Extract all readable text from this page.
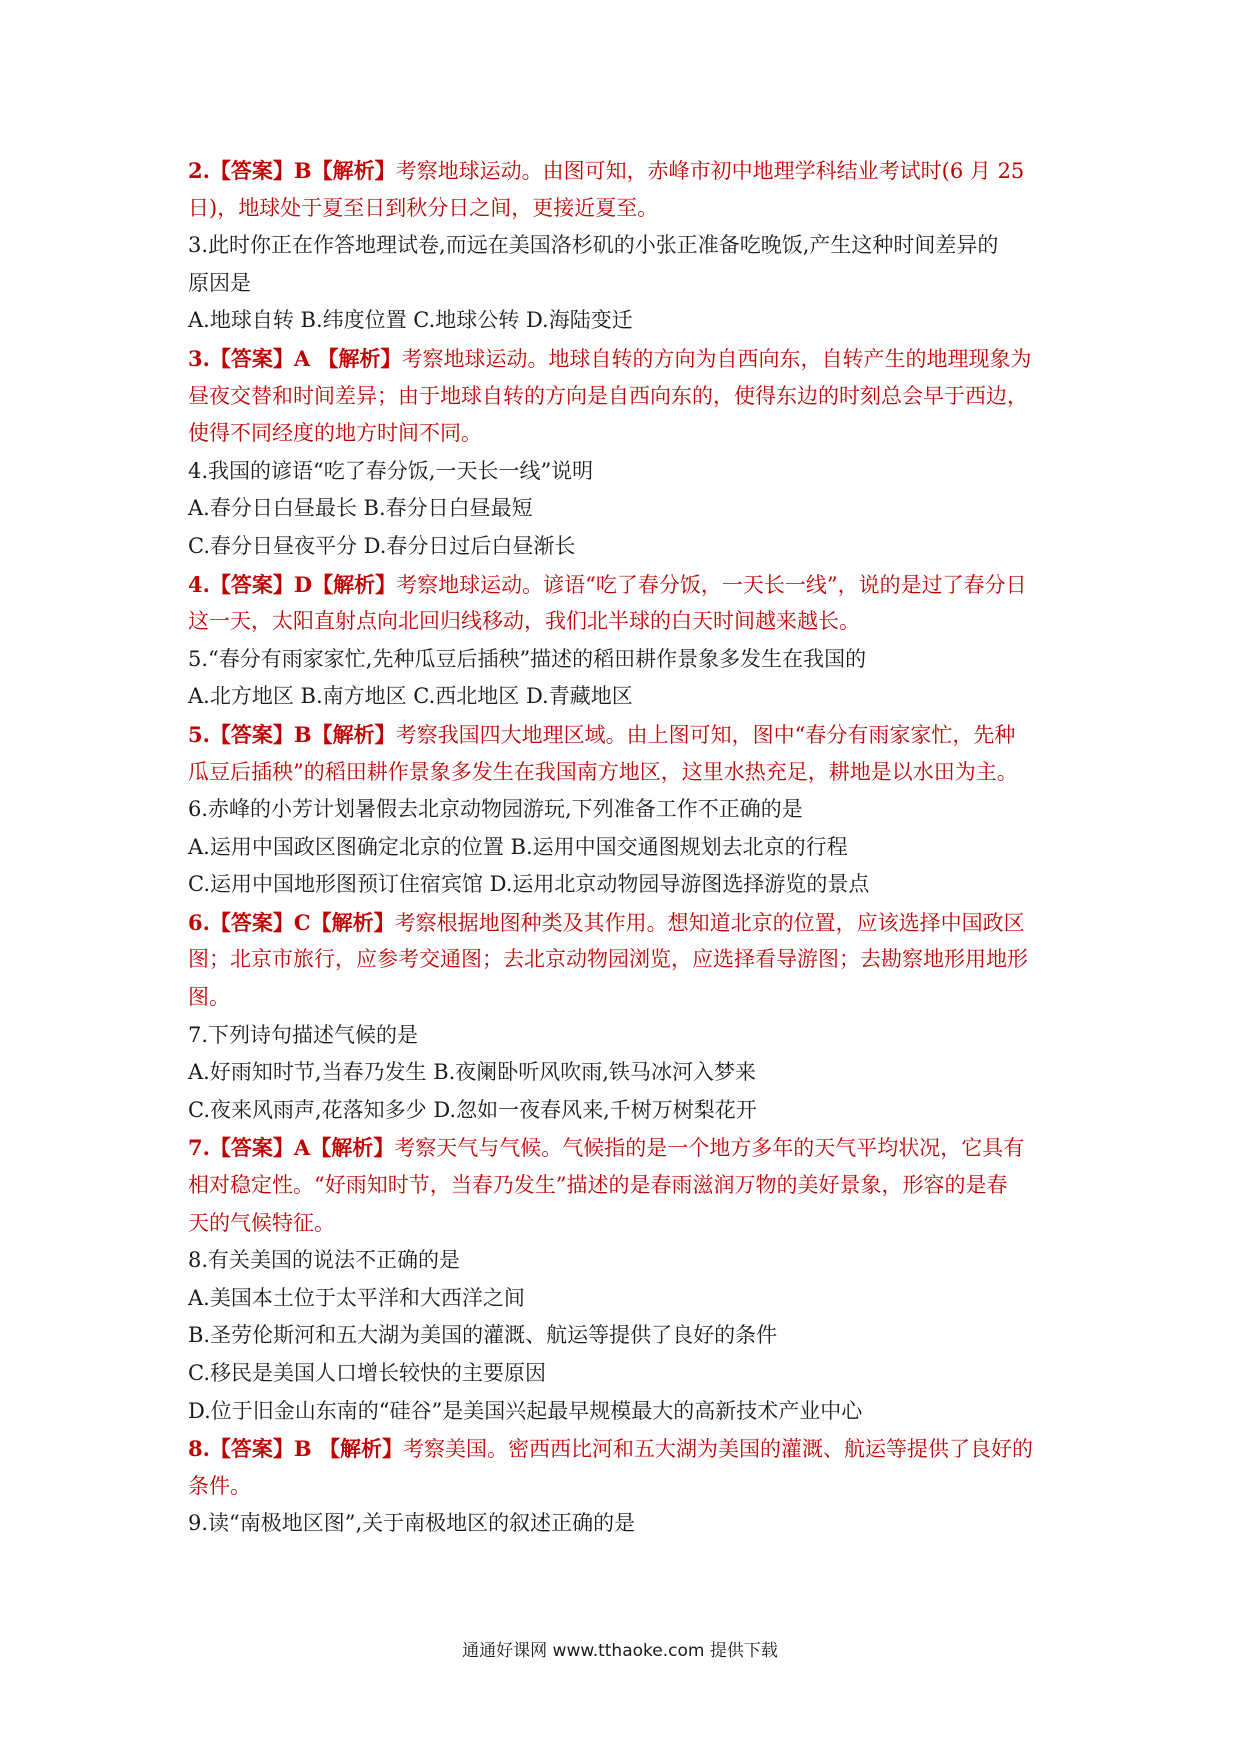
2.【答案】B【解析】考察地球运动。由图可知，赤峰市初中地理学科结业考试时(6 月 25
日)，地球处于夏至日到秋分日之间，更接近夏至。
3.此时你正在作答地理试卷,而远在美国洛杉矶的小张正准备吃晚饭,产生这种时间差异的
原因是
A.地球自转 B.纬度位置 C.地球公转 D.海陆变迁
3.【答案】A 【解析】考察地球运动。地球自转的方向为自西向东，自转产生的地理现象为
昼夜交替和时间差异；由于地球自转的方向是自西向东的，使得东边的时刻总会早于西边，
使得不同经度的地方时间不同。
4.我国的谚语“吃了春分饭,一天长一线”说明
A.春分日白昼最长 B.春分日白昼最短
C.春分日昼夜平分 D.春分日过后白昼渐长
4.【答案】D【解析】考察地球运动。谚语“吃了春分饭，一天长一线”，说的是过了春分日
这一天，太阳直射点向北回归线移动，我们北半球的白天时间越来越长。
5.“春分有雨家家忙,先种瓜豆后插秧”描述的稻田耕作景象多发生在我国的
A.北方地区 B.南方地区 C.西北地区 D.青藏地区
5.【答案】B【解析】考察我国四大地理区域。由上图可知，图中“春分有雨家家忙，先种
瓜豆后插秧”的稻田耕作景象多发生在我国南方地区，这里水热充足，耕地是以水田为主。
6.赤峰的小芳计划暑假去北京动物园游玩,下列准备工作不正确的是
A.运用中国政区图确定北京的位置 B.运用中国交通图规划去北京的行程
C.运用中国地形图预订住宿宾馆 D.运用北京动物园导游图选择游览的景点
6.【答案】C【解析】考察根据地图种类及其作用。想知道北京的位置，应该选择中国政区
图；北京市旅行，应参考交通图；去北京动物园浏览，应选择看导游图；去勘察地形用地形
图。
7.下列诗句描述气候的是
A.好雨知时节,当春乃发生 B.夜阑卧听风吹雨,铁马冰河入梦来
C.夜来风雨声,花落知多少 D.忽如一夜春风来,千树万树梨花开
7.【答案】A【解析】考察天气与气候。气候指的是一个地方多年的天气平均状况，它具有
相对稳定性。“好雨知时节，当春乃发生”描述的是春雨滋润万物的美好景象，形容的是春
天的气候特征。
8.有关美国的说法不正确的是
A.美国本土位于太平洋和大西洋之间
B.圣劳伦斯河和五大湖为美国的灌溉、航运等提供了良好的条件
C.移民是美国人口增长较快的主要原因
D.位于旧金山东南的“硅谷”是美国兴起最早规模最大的高新技术产业中心
8.【答案】B 【解析】考察美国。密西西比河和五大湖为美国的灌溉、航运等提供了良好的
条件。
9.读“南极地区图”,关于南极地区的叙述正确的是
通通好课网 www.tthaoke.com 提供下载
